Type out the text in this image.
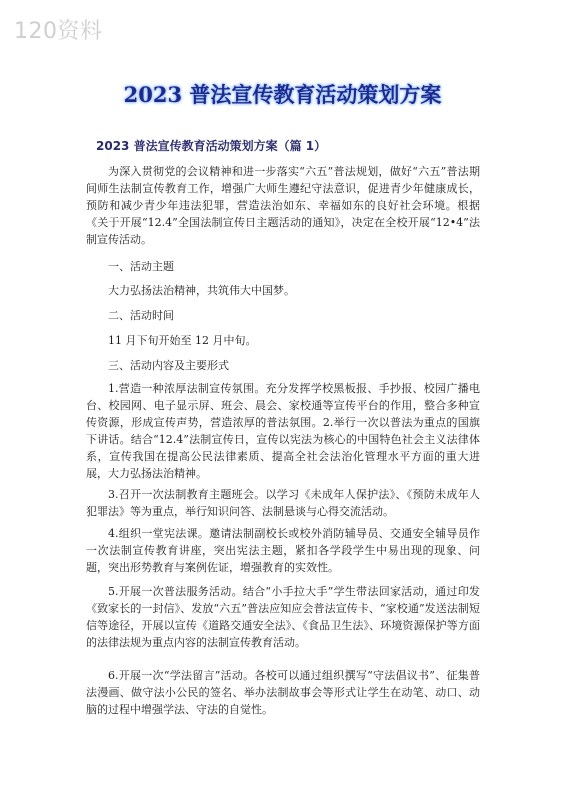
120资料
2023 普法宣传教育活动策划方案
2023 普法宣传教育活动策划方案（篇 1）

为深入贯彻党的会议精神和进一步落实“六五”普法规划，做好“六五”普法期间师生法制宣传教育工作，增强广大师生遵纪守法意识，促进青少年健康成长，预防和减少青少年违法犯罪，营造法治如东、幸福如东的良好社会环境。根据《关于开展“12.4”全国法制宣传日主题活动的通知》，决定在全校开展“12•4”法制宣传活动。

一、活动主题

大力弘扬法治精神，共筑伟大中国梦。

二、活动时间

11 月下旬开始至 12 月中旬。

三、活动内容及主要形式

1.营造一种浓厚法制宣传氛围。充分发挥学校黑板报、手抄报、校园广播电台、校园网、电子显示屏、班会、晨会、家校通等宣传平台的作用，整合多种宣传资源，形成宣传声势，营造浓厚的普法氛围。2.举行一次以普法为重点的国旗下讲话。结合“12.4”法制宣传日，宣传以宪法为核心的中国特色社会主义法律体系，宣传我国在提高公民法律素质、提高全社会法治化管理水平方面的重大进展，大力弘扬法治精神。

3.召开一次法制教育主题班会。以学习《未成年人保护法》、《预防未成年人犯罪法》等为重点，举行知识问答、法制悬谈与心得交流活动。

4.组织一堂宪法课。邀请法制副校长或校外消防辅导员、交通安全辅导员作一次法制宣传教育讲座，突出宪法主题，紧扣各学段学生中易出现的现象、问题，突出形势教育与案例佐证，增强教育的实效性。

5.开展一次普法服务活动。结合“小手拉大手”学生带法回家活动，通过印发《致家长的一封信》、发放“六五”普法应知应会普法宣传卡、“家校通”发送法制短信等途径，开展以宣传《道路交通安全法》、《食品卫生法》、环境资源保护等方面的法律法规为重点内容的法制宣传教育活动。

6.开展一次“学法留言”活动。各校可以通过组织撰写“守法倡议书”、征集普法漫画、做守法小公民的签名、举办法制故事会等形式让学生在动笔、动口、动脑的过程中增强学法、守法的自觉性。
